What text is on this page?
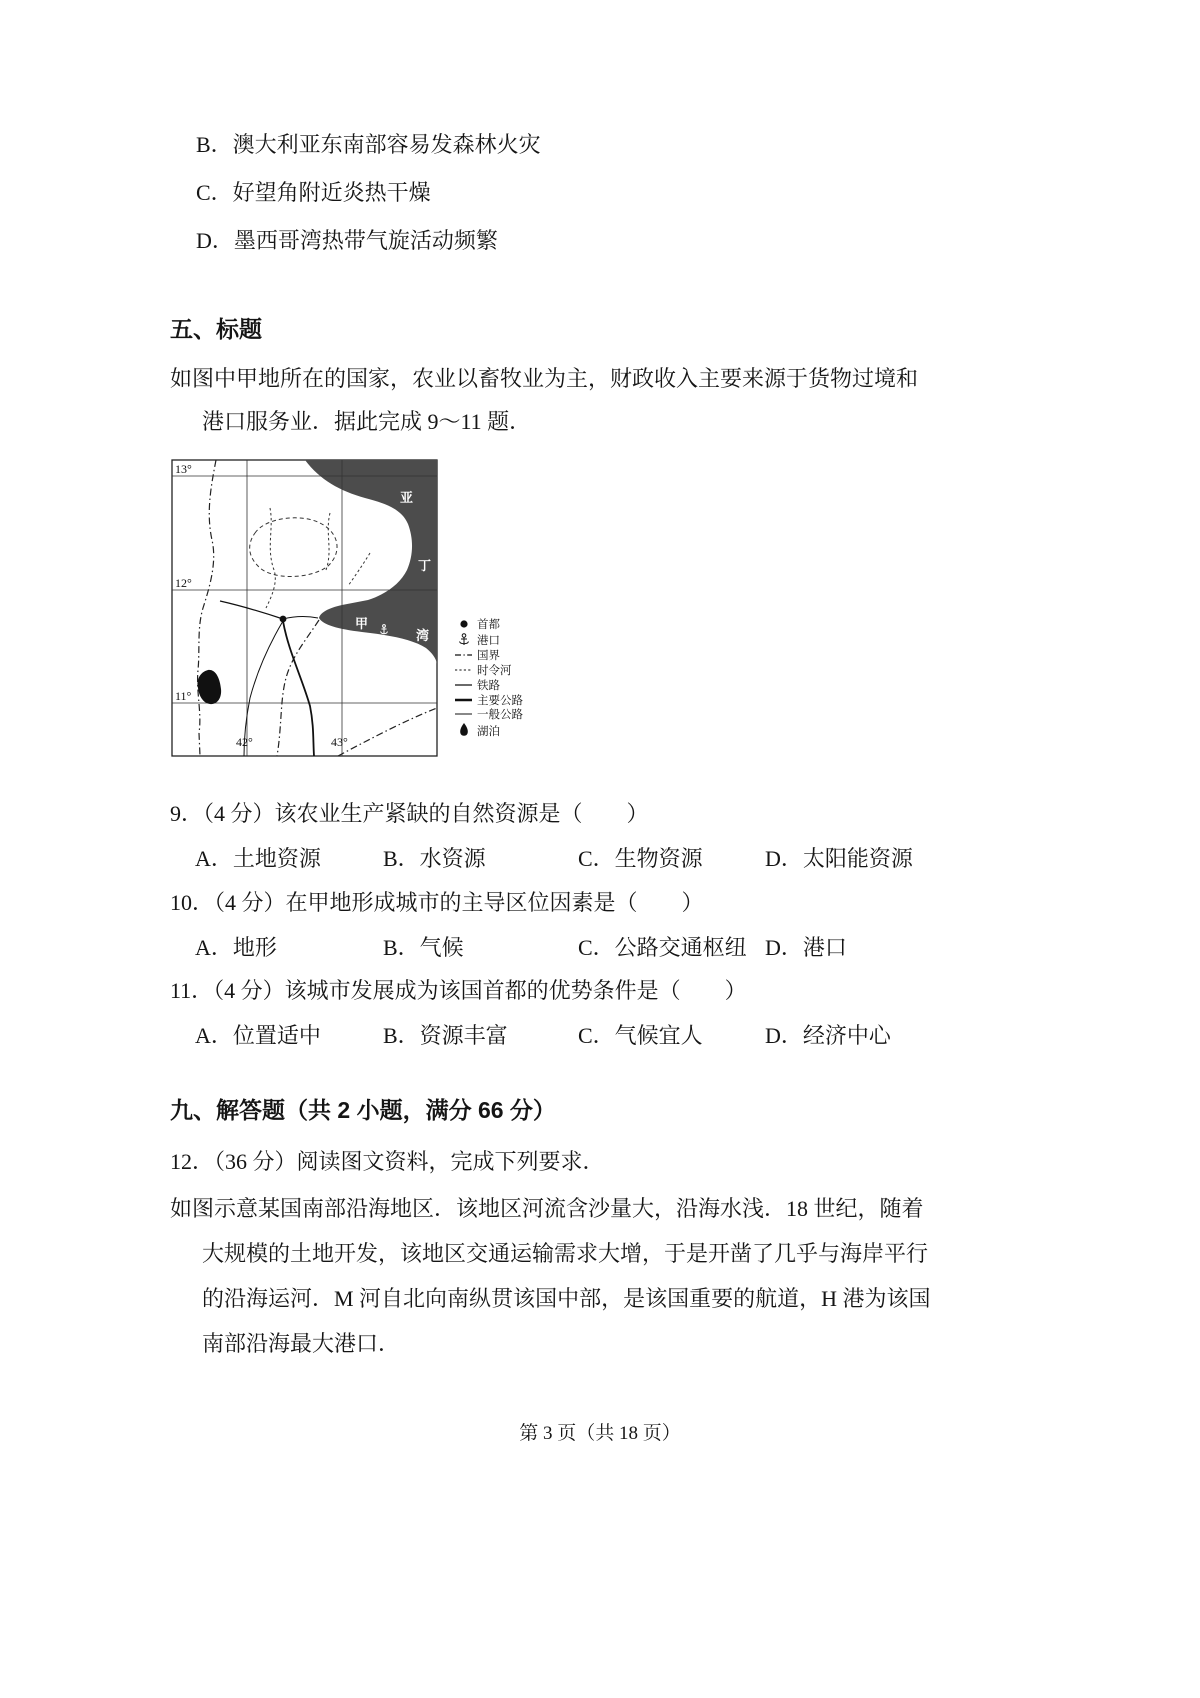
B．澳大利亚东南部容易发森林火灾
C．好望角附近炎热干燥
D．墨西哥湾热带气旋活动频繁
五、标题
如图中甲地所在的国家，农业以畜牧业为主，财政收入主要来源于货物过境和
港口服务业．据此完成 9～11 题．
13°
12°
11°
42°	43°
亚
丁
湾
甲	首都
港口
国界
时令河
铁路
主要公路
一般公路
湖泊
9．（4 分）该农业生产紧缺的自然资源是（　　）
A．土地资源	B．水资源	C．生物资源	D．太阳能资源
10．（4 分）在甲地形成城市的主导区位因素是（　　）
A．地形	B．气候	C．公路交通枢纽 D．港口
11．（4 分）该城市发展成为该国首都的优势条件是（　　）
A．位置适中	B．资源丰富	C．气候宜人	D．经济中心
九、解答题（共 2 小题，满分 66 分）
12．（36 分）阅读图文资料，完成下列要求．
如图示意某国南部沿海地区．该地区河流含沙量大，沿海水浅．18 世纪，随着
大规模的土地开发，该地区交通运输需求大增，于是开凿了几乎与海岸平行
的沿海运河．M 河自北向南纵贯该国中部，是该国重要的航道，H 港为该国
南部沿海最大港口．
第 3 页（共 18 页）
